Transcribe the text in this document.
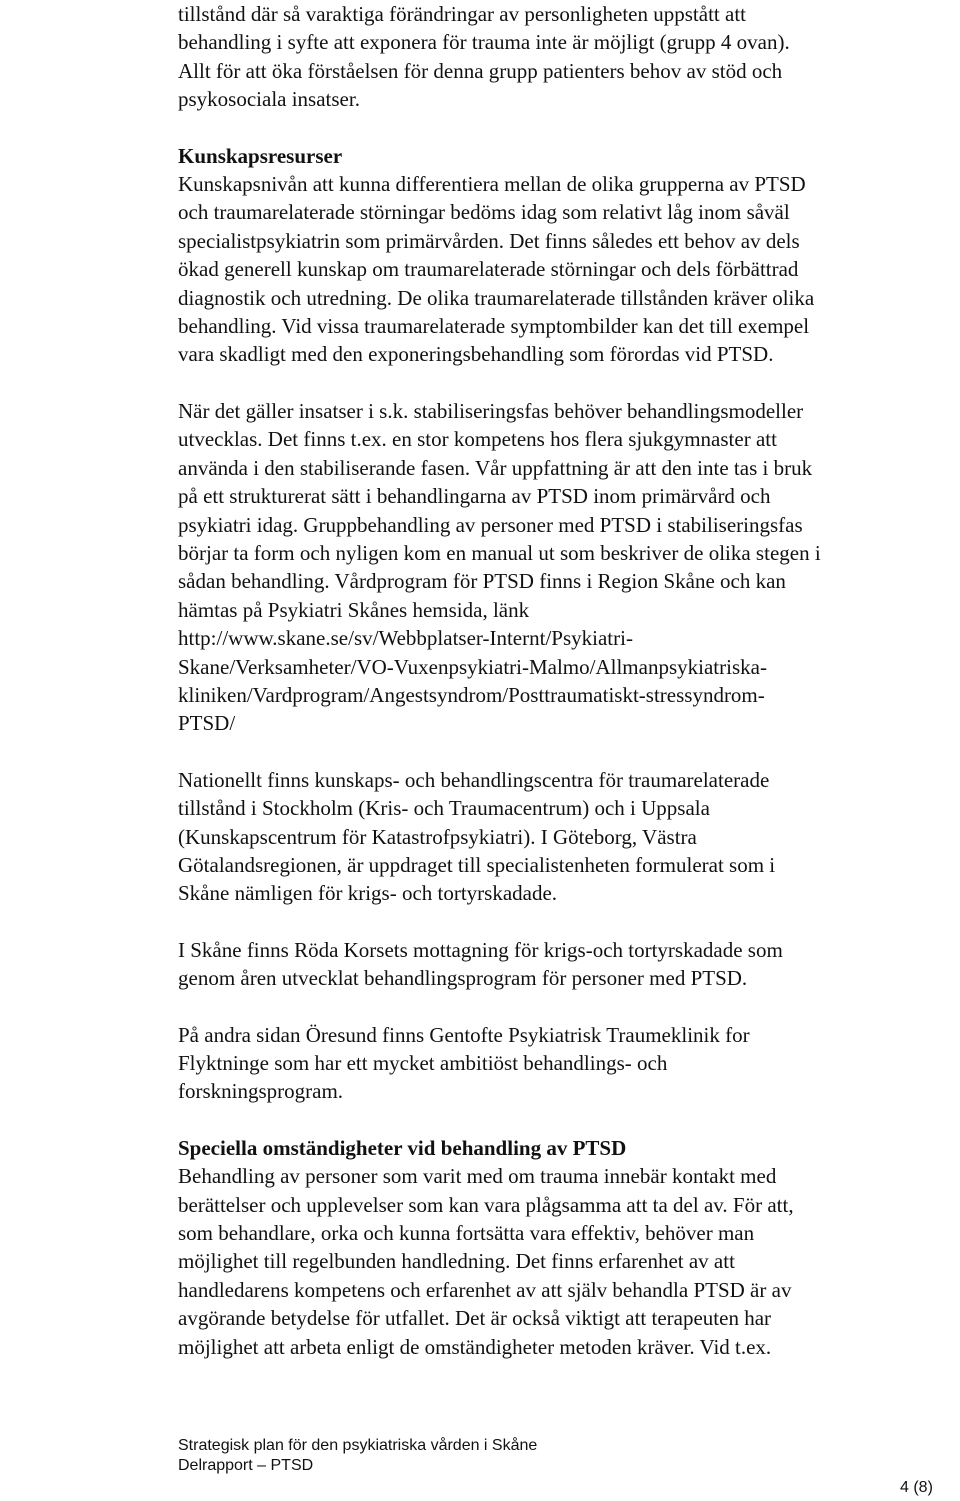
tillstånd där så varaktiga förändringar av personligheten uppstått att
behandling i syfte att exponera för trauma inte är möjligt (grupp 4 ovan).
Allt för att öka förståelsen för denna grupp patienters behov av stöd och
psykosociala insatser.

Kunskapsresurser

Kunskapsnivån att kunna differentiera mellan de olika grupperna av PTSD
och traumarelaterade störningar bedöms idag som relativt låg inom såväl
specialistpsykiatrin som primärvården. Det finns således ett behov av dels
ökad generell kunskap om traumarelaterade störningar och dels förbättrad
diagnostik och utredning. De olika traumarelaterade tillstånden kräver olika
behandling. Vid vissa traumarelaterade symptombilder kan det till exempel
vara skadligt med den exponeringsbehandling som förordas vid PTSD.

När det gäller insatser i s.k. stabiliseringsfas behöver behandlingsmodeller
utvecklas. Det finns t.ex. en stor kompetens hos flera sjukgymnaster att
använda i den stabiliserande fasen. Vår uppfattning är att den inte tas i bruk
på ett strukturerat sätt i behandlingarna av PTSD inom primärvård och
psykiatri idag. Gruppbehandling av personer med PTSD i stabiliseringsfas
börjar ta form och nyligen kom en manual ut som beskriver de olika stegen i
sådan behandling. Vårdprogram för PTSD finns i Region Skåne och kan
hämtas på Psykiatri Skånes hemsida, länk
http://www.skane.se/sv/Webbplatser-Internt/Psykiatri-
Skane/Verksamheter/VO-Vuxenpsykiatri-Malmo/Allmanpsykiatriska-
kliniken/Vardprogram/Angestsyndrom/Posttraumatiskt-stressyndrom-
PTSD/

Nationellt finns kunskaps- och behandlingscentra för traumarelaterade
tillstånd i Stockholm (Kris- och Traumacentrum) och i Uppsala
(Kunskapscentrum för Katastrofpsykiatri). I Göteborg, Västra
Götalandsregionen, är uppdraget till specialistenheten formulerat som i
Skåne nämligen för krigs- och tortyrskadade.

I Skåne finns Röda Korsets mottagning för krigs-och tortyrskadade som
genom åren utvecklat behandlingsprogram för personer med PTSD.

På andra sidan Öresund finns Gentofte Psykiatrisk Traumeklinik for
Flyktninge som har ett mycket ambitiöst behandlings- och
forskningsprogram.

Speciella omständigheter vid behandling av PTSD

Behandling av personer som varit med om trauma innebär kontakt med
berättelser och upplevelser som kan vara plågsamma att ta del av. För att,
som behandlare, orka och kunna fortsätta vara effektiv, behöver man
möjlighet till regelbunden handledning. Det finns erfarenhet av att
handledarens kompetens och erfarenhet av att själv behandla PTSD är av
avgörande betydelse för utfallet. Det är också viktigt att terapeuten har
möjlighet att arbeta enligt de omständigheter metoden kräver. Vid t.ex.

Strategisk plan för den psykiatriska vården i Skåne
Delrapport – PTSD
4 (8)
